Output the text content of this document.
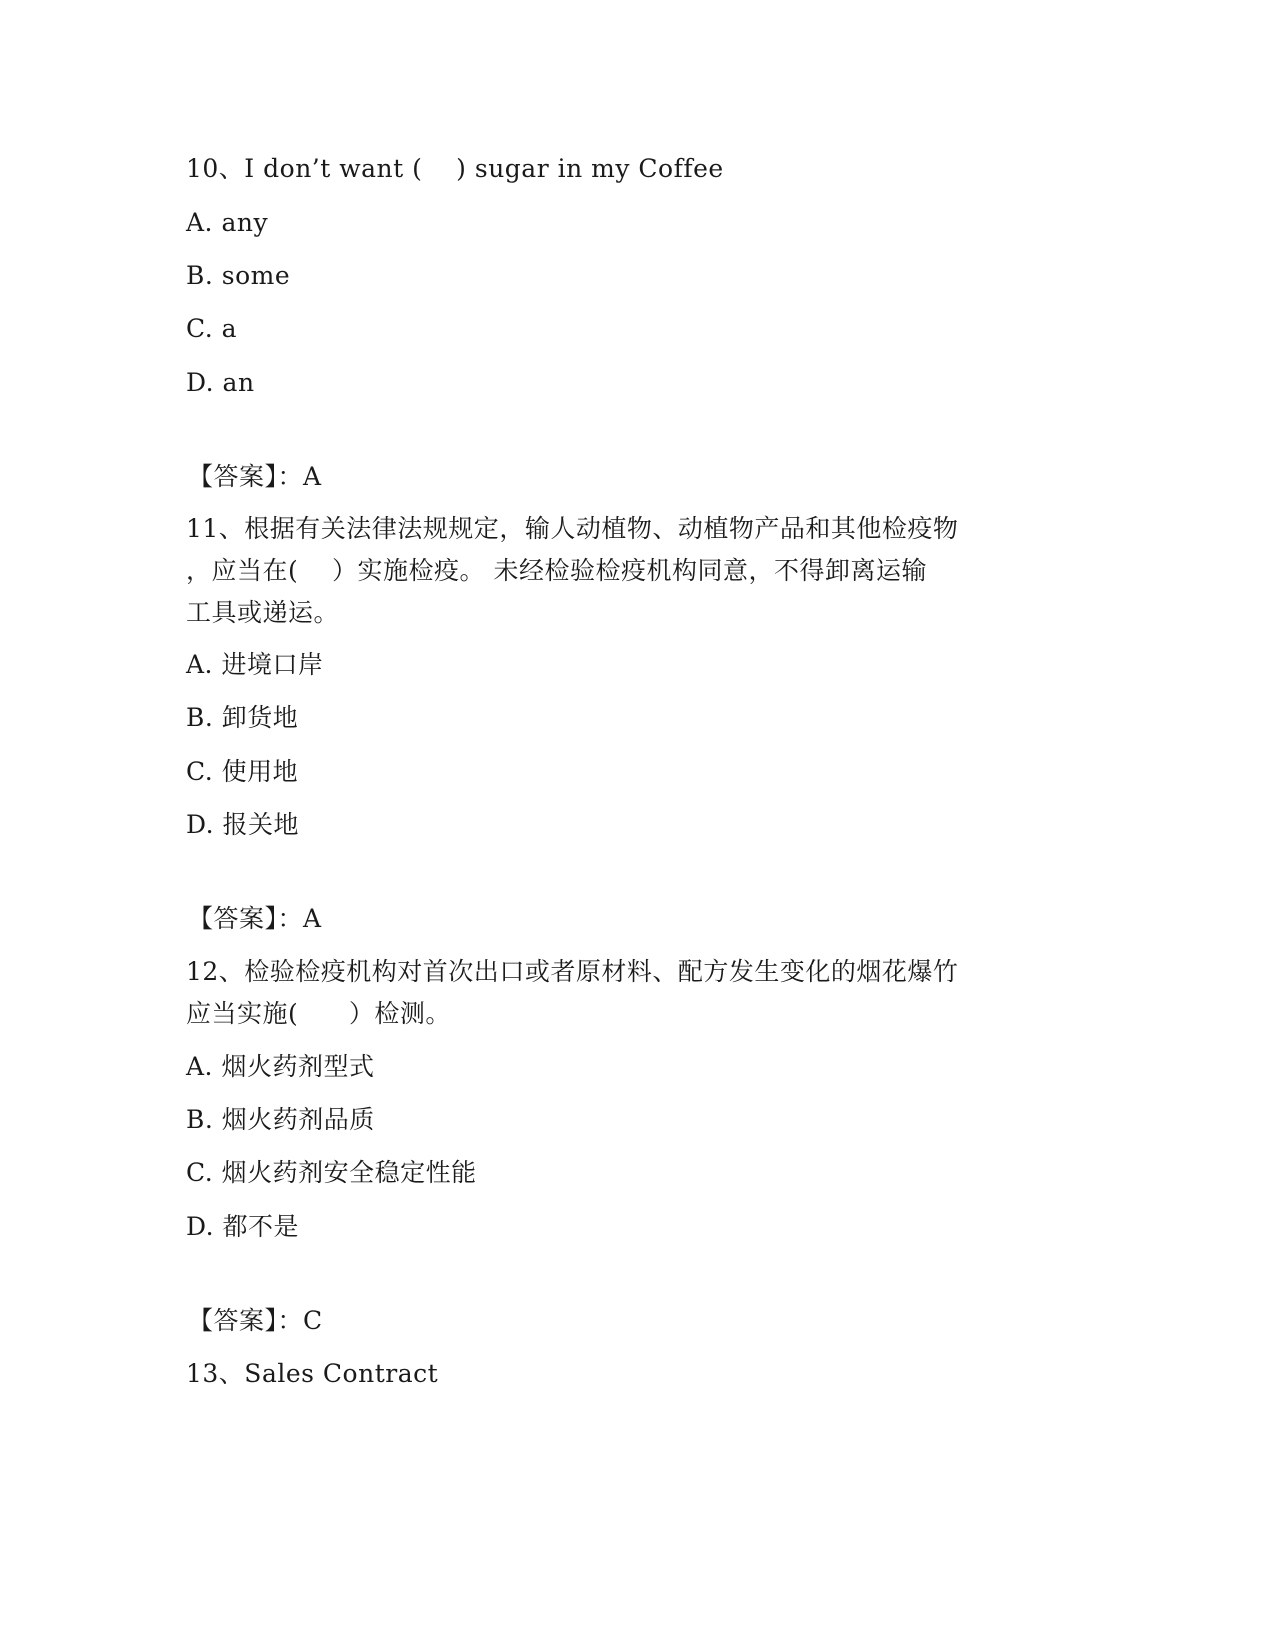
10、I don’t want (    ) sugar in my Coffee
A. any
B. some
C. a
D. an
【答案】：A
11、根据有关法律法规规定，输人动植物、动植物产品和其他检疫物
，应当在(    ）实施检疫。 未经检验检疫机构同意，不得卸离运输
工具或递运。
A. 进境口岸
B. 卸货地
C. 使用地
D. 报关地
【答案】：A
12、检验检疫机构对首次出口或者原材料、配方发生变化的烟花爆竹
应当实施(      ）检测。
A. 烟火药剂型式
B. 烟火药剂品质
C. 烟火药剂安全稳定性能
D. 都不是
【答案】：C
13、Sales Contract
